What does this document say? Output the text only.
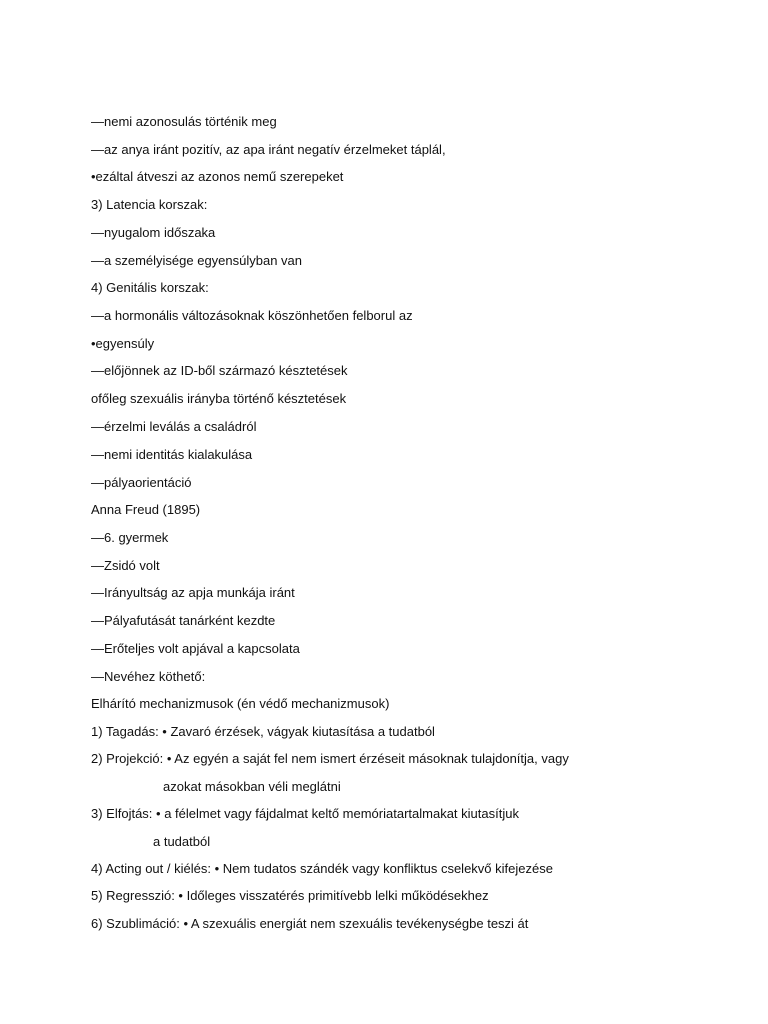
—nemi azonosulás történik meg
—az anya iránt pozitív, az apa iránt negatív érzelmeket táplál,
•ezáltal átveszi az azonos nemű szerepeket
3) Latencia korszak:
—nyugalom időszaka
—a személyisége egyensúlyban van
4) Genitális korszak:
—a hormonális változásoknak köszönhetően felborul az
•egyensúly
—előjönnek az ID-ből származó késztetések
ofőleg szexuális irányba történő késztetések
—érzelmi leválás a családról
—nemi identitás kialakulása
—pályaorientáció
Anna Freud (1895)
—6. gyermek
—Zsidó volt
—Irányultság az apja munkája iránt
—Pályafutását tanárként kezdte
—Erőteljes volt apjával a kapcsolata
—Nevéhez köthető:
Elhárító mechanizmusok (én védő mechanizmusok)
1) Tagadás: • Zavaró érzések, vágyak kiutasítása a tudatból
2) Projekció: • Az egyén a saját fel nem ismert érzéseit másoknak tulajdonítja, vagy
azokat másokban véli meglátni
3) Elfojtás: • a félelmet vagy fájdalmat keltő memóriatartalmakat kiutasítjuk
a tudatból
4) Acting out / kiélés: • Nem tudatos szándék vagy konfliktus cselekvő kifejezése
5) Regresszió: • Időleges visszatérés primitívebb lelki működésekhez
6) Szublimáció: • A szexuális energiát nem szexuális tevékenységbe teszi át
